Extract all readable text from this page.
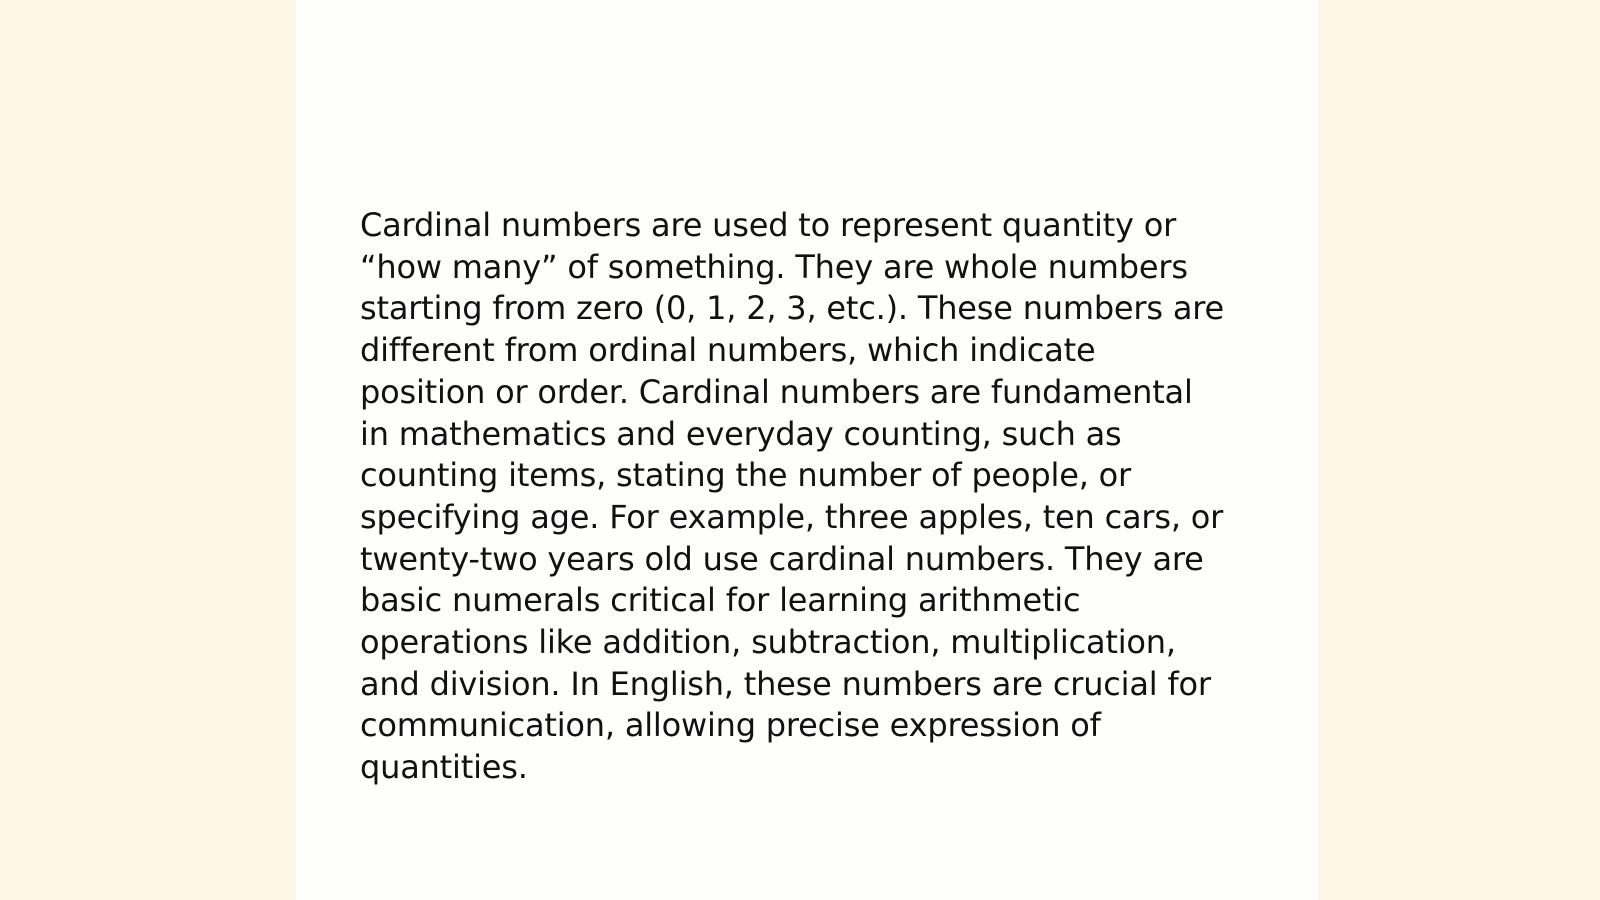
Cardinal numbers are used to represent quantity or
“how many” of something. They are whole numbers
starting from zero (0, 1, 2, 3, etc.). These numbers are
different from ordinal numbers, which indicate
position or order. Cardinal numbers are fundamental
in mathematics and everyday counting, such as
counting items, stating the number of people, or
specifying age. For example, three apples, ten cars, or
twenty-two years old use cardinal numbers. They are
basic numerals critical for learning arithmetic
operations like addition, subtraction, multiplication,
and division. In English, these numbers are crucial for
communication, allowing precise expression of
quantities.
